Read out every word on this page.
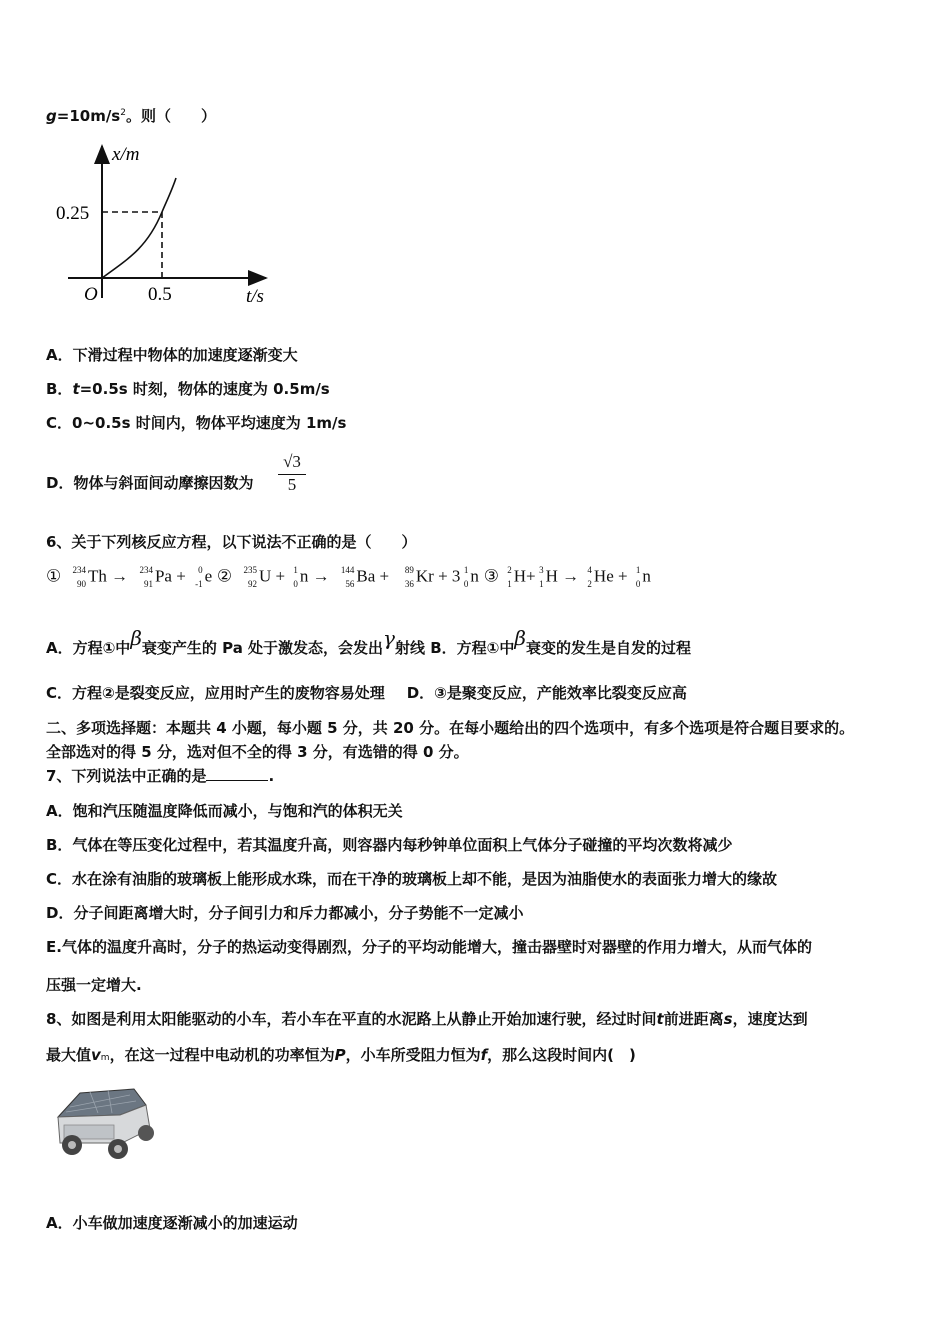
$g=10m/s^2$。则（　　）
x/m
t/s
O
0.25
0.5
A．下滑过程中物体的加速度逐渐变大
B．t=0.5s 时刻，物体的速度为 0.5m/s
C．0~0.5s 时间内，物体平均速度为 1m/s
D．物体与斜面间动摩擦因数为 $\frac{√3}{5}$
6、关于下列核反应方程，以下说法不正确的是（　　）
① 234
90 Th → 234
91 Pa + 0
-1 e ② 235
92 U + 1
0 n → 144
56 Ba + 89
36 Kr + 3 1
0 n ③ 2
1 H+ 3
1 H → 4
2 He + 1
0 n
A．方程①中β衰变产生的 Pa 处于激发态，会发出γ射线 B．方程①中β衰变的发生是自发的过程
C．方程②是裂变反应，应用时产生的废物容易处理 D．③是聚变反应，产能效率比裂变反应高
二、多项选择题：本题共 4 小题，每小题 5 分，共 20 分。在每小题给出的四个选项中，有多个选项是符合题目要求的。
全部选对的得 5 分，选对但不全的得 3 分，有选错的得 0 分。
7、下列说法中正确的是	.
A．饱和汽压随温度降低而减小，与饱和汽的体积无关
B．气体在等压变化过程中，若其温度升高，则容器内每秒钟单位面积上气体分子碰撞的平均次数将减少
C．水在涂有油脂的玻璃板上能形成水珠，而在干净的玻璃板上却不能，是因为油脂使水的表面张力增大的缘故
D．分子间距离增大时，分子间引力和斥力都减小，分子势能不一定减小
E.气体的温度升高时，分子的热运动变得剧烈，分子的平均动能增大，撞击器壁时对器壁的作用力增大，从而气体的
压强一定增大.
8、如图是利用太阳能驱动的小车，若小车在平直的水泥路上从静止开始加速行驶，经过时间t前进距离s，速度达到
最大值vm，在这一过程中电动机的功率恒为P，小车所受阻力恒为f，那么这段时间内(　)
A．小车做加速度逐渐减小的加速运动
